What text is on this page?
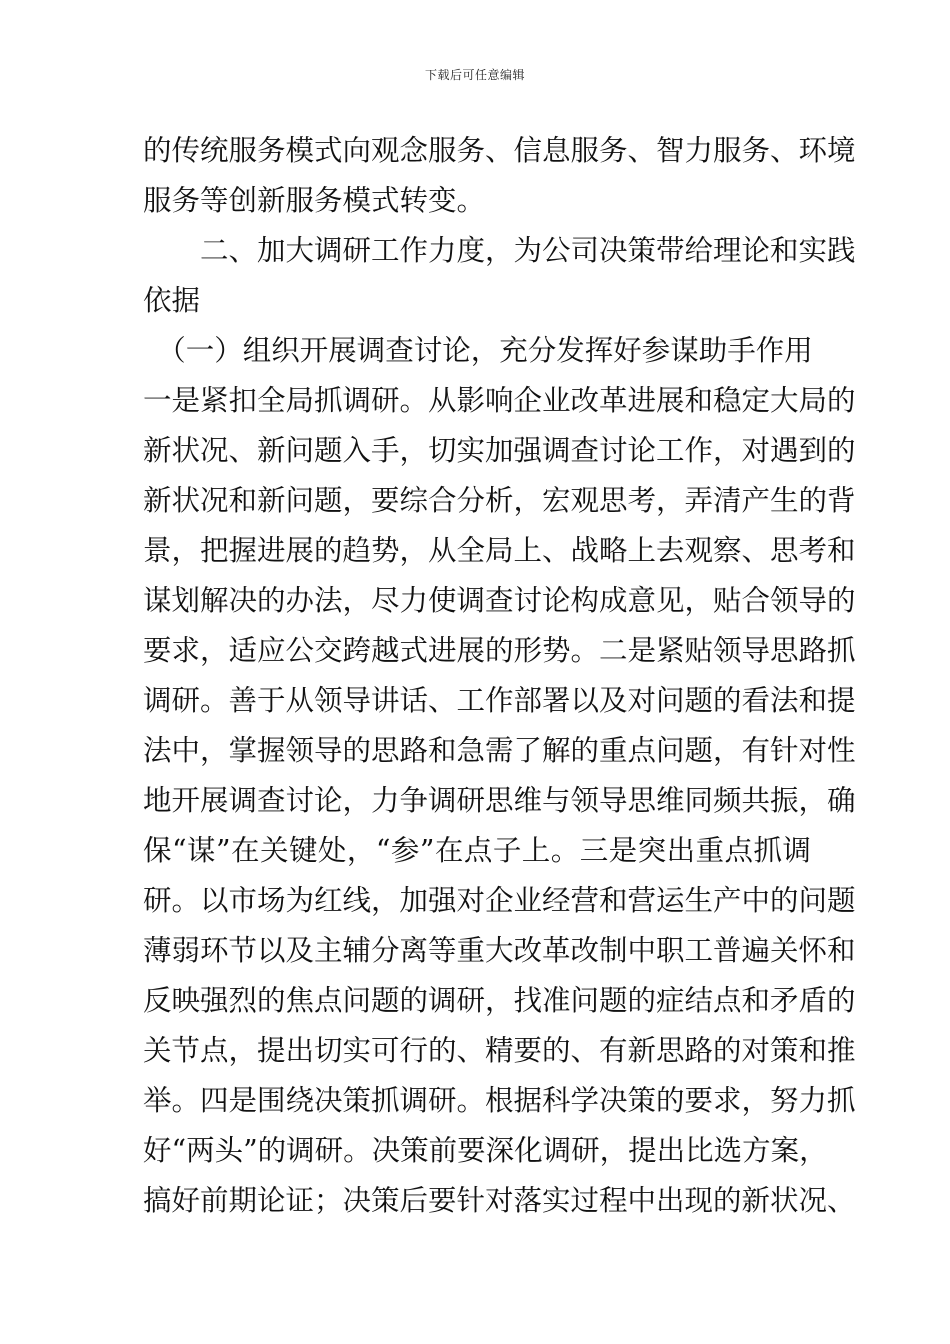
下载后可任意编辑
的传统服务模式向观念服务、信息服务、智力服务、环境
服务等创新服务模式转变。
　　二、加大调研工作力度，为公司决策带给理论和实践
依据
　（一）组织开展调查讨论，充分发挥好参谋助手作用
一是紧扣全局抓调研。从影响企业改革进展和稳定大局的
新状况、新问题入手，切实加强调查讨论工作，对遇到的
新状况和新问题，要综合分析，宏观思考，弄清产生的背
景，把握进展的趋势，从全局上、战略上去观察、思考和
谋划解决的办法，尽力使调查讨论构成意见，贴合领导的
要求，适应公交跨越式进展的形势。二是紧贴领导思路抓
调研。善于从领导讲话、工作部署以及对问题的看法和提
法中，掌握领导的思路和急需了解的重点问题，有针对性
地开展调查讨论，力争调研思维与领导思维同频共振，确
保“谋”在关键处，“参”在点子上。三是突出重点抓调
研。以市场为红线，加强对企业经营和营运生产中的问题
薄弱环节以及主辅分离等重大改革改制中职工普遍关怀和
反映强烈的焦点问题的调研，找准问题的症结点和矛盾的
关节点，提出切实可行的、精要的、有新思路的对策和推
举。四是围绕决策抓调研。根据科学决策的要求，努力抓
好“两头”的调研。决策前要深化调研，提出比选方案，
搞好前期论证；决策后要针对落实过程中出现的新状况、
